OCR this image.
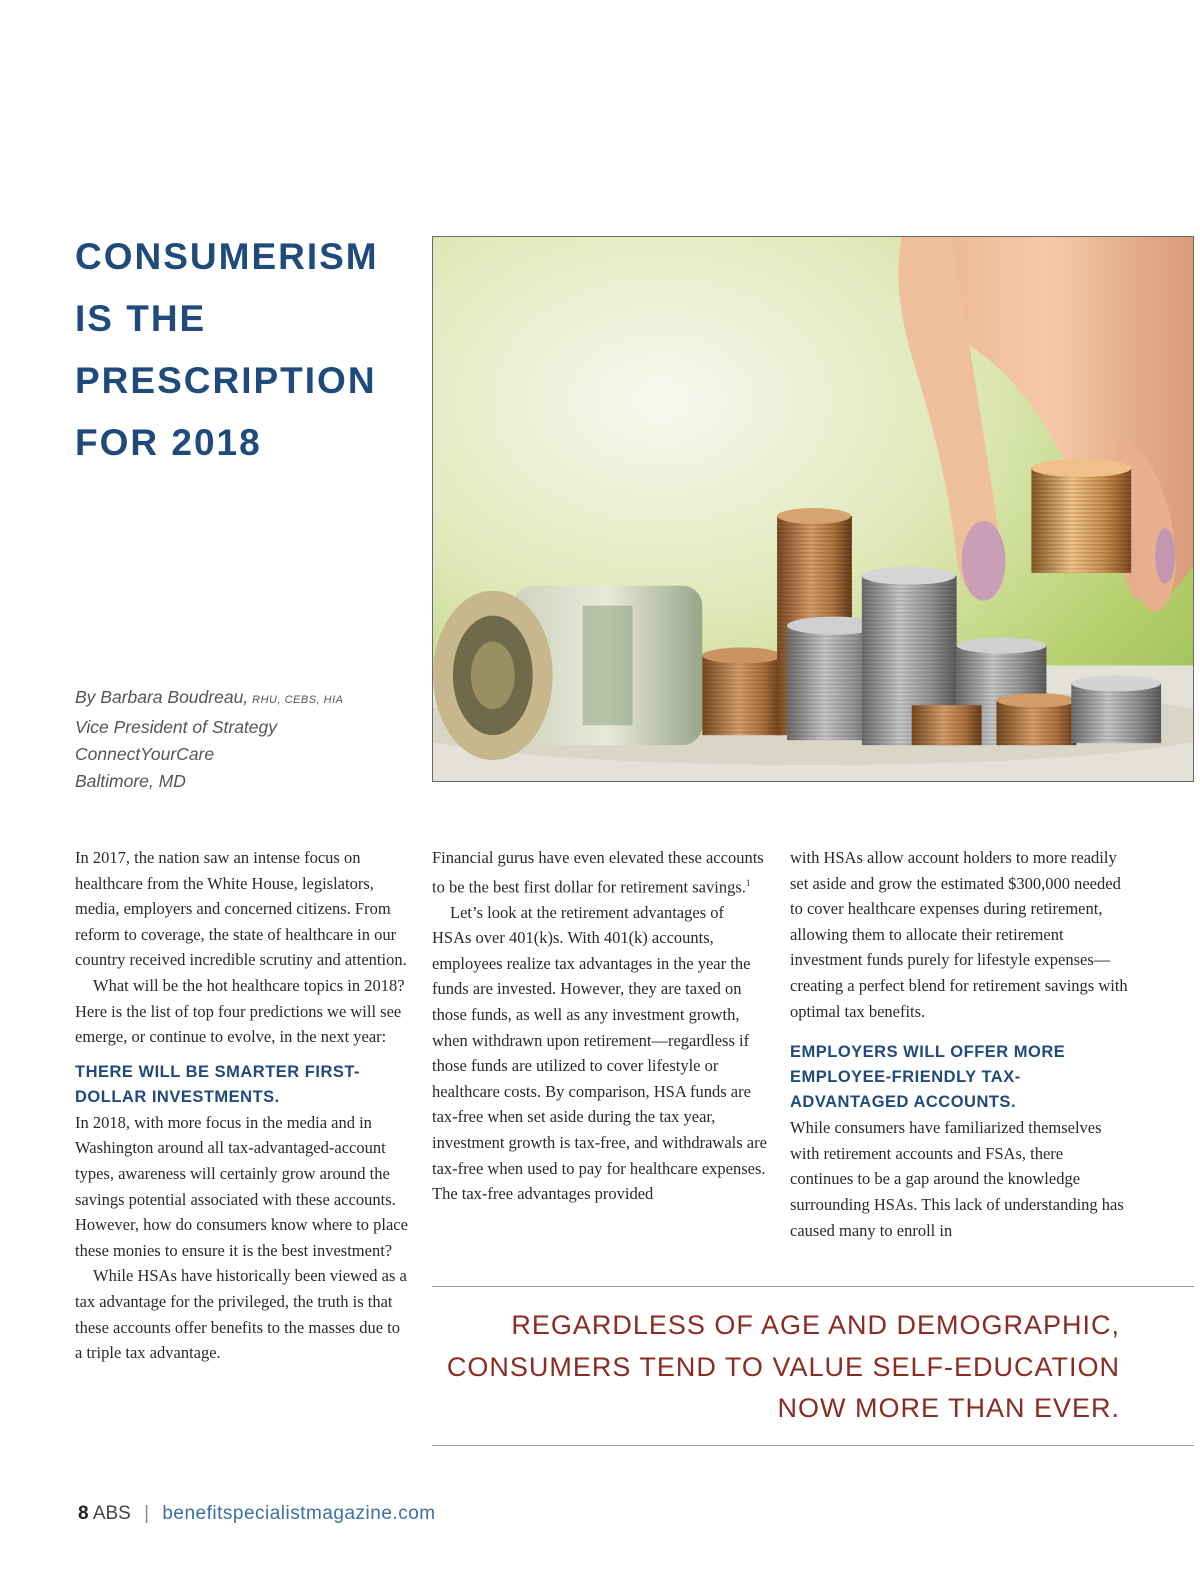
CONSUMERISM
IS THE
PRESCRIPTION
FOR 2018
By Barbara Boudreau, RHU, CEBS, HIA
Vice President of Strategy
ConnectYourCare
Baltimore, MD

In 2017, the nation saw an intense focus on healthcare from the White House, legislators, media, employers and concerned citizens. From reform to coverage, the state of healthcare in our country received incredible scrutiny and attention.

What will be the hot healthcare topics in 2018? Here is the list of top four predictions we will see emerge, or continue to evolve, in the next year:

THERE WILL BE SMARTER FIRST-DOLLAR INVESTMENTS.

In 2018, with more focus in the media and in Washington around all tax-advantaged-account types, awareness will certainly grow around the savings potential associated with these accounts. However, how do consumers know where to place these monies to ensure it is the best investment?

While HSAs have historically been viewed as a tax advantage for the privileged, the truth is that these accounts offer benefits to the masses due to a triple tax advantage.

Financial gurus have even elevated these accounts to be the best first dollar for retirement savings.$^1$

Let’s look at the retirement advantages of HSAs over 401(k)s. With 401(k) accounts, employees realize tax advantages in the year the funds are invested. However, they are taxed on those funds, as well as any investment growth, when withdrawn upon retirement—regardless if those funds are utilized to cover lifestyle or healthcare costs. By comparison, HSA funds are tax-free when set aside during the tax year, investment growth is tax-free, and withdrawals are tax-free when used to pay for healthcare expenses. The tax-free advantages provided

with HSAs allow account holders to more readily set aside and grow the estimated $300,000 needed to cover healthcare expenses during retirement, allowing them to allocate their retirement investment funds purely for lifestyle expenses—creating a perfect blend for retirement savings with optimal tax benefits.

EMPLOYERS WILL OFFER MORE EMPLOYEE-FRIENDLY TAX-ADVANTAGED ACCOUNTS.

While consumers have familiarized themselves with retirement accounts and FSAs, there continues to be a gap around the knowledge surrounding HSAs. This lack of understanding has caused many to enroll in

REGARDLESS OF AGE AND DEMOGRAPHIC, CONSUMERS TEND TO VALUE SELF-EDUCATION NOW MORE THAN EVER.
8 ABS | benefitspecialistmagazine.com
